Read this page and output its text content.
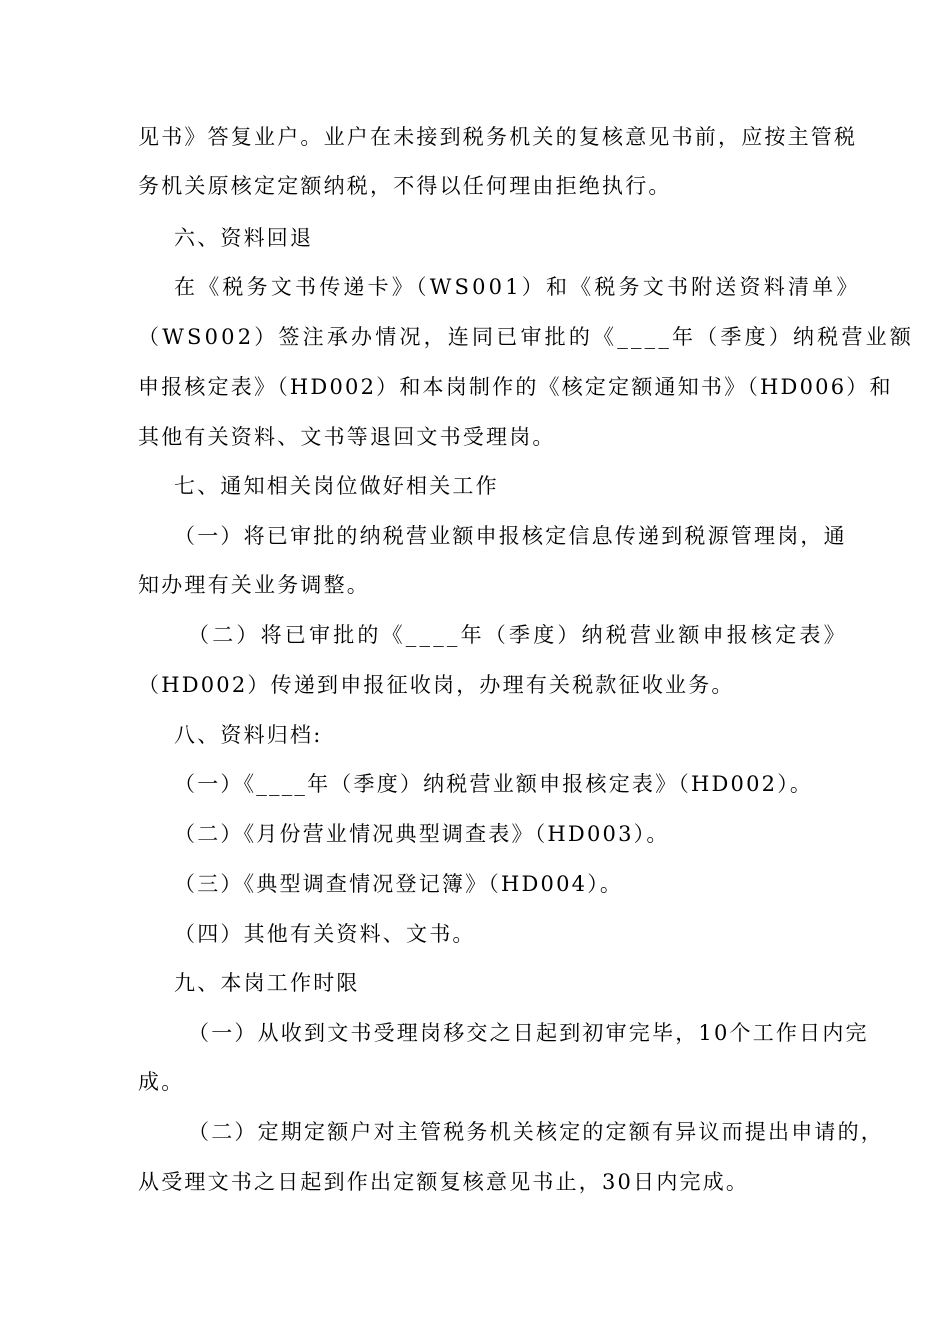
见书》答复业户。业户在未接到税务机关的复核意见书前，应按主管税
务机关原核定定额纳税，不得以任何理由拒绝执行。
六、资料回退
在《税务文书传递卡》（WS001）和《税务文书附送资料清单》
（WS002）签注承办情况，连同已审批的《____年（季度）纳税营业额
申报核定表》（HD002）和本岗制作的《核定定额通知书》（HD006）和
其他有关资料、文书等退回文书受理岗。
七、通知相关岗位做好相关工作
（一）将已审批的纳税营业额申报核定信息传递到税源管理岗，通
知办理有关业务调整。
（二）将已审批的《____年（季度）纳税营业额申报核定表》
（HD002）传递到申报征收岗，办理有关税款征收业务。
八、资料归档:
（一）《____年（季度）纳税营业额申报核定表》（HD002）。
（二）《月份营业情况典型调查表》（HD003）。
（三）《典型调查情况登记簿》（HD004）。
（四）其他有关资料、文书。
九、本岗工作时限
（一）从收到文书受理岗移交之日起到初审完毕，10个工作日内完
成。
（二）定期定额户对主管税务机关核定的定额有异议而提出申请的，
从受理文书之日起到作出定额复核意见书止，30日内完成。
